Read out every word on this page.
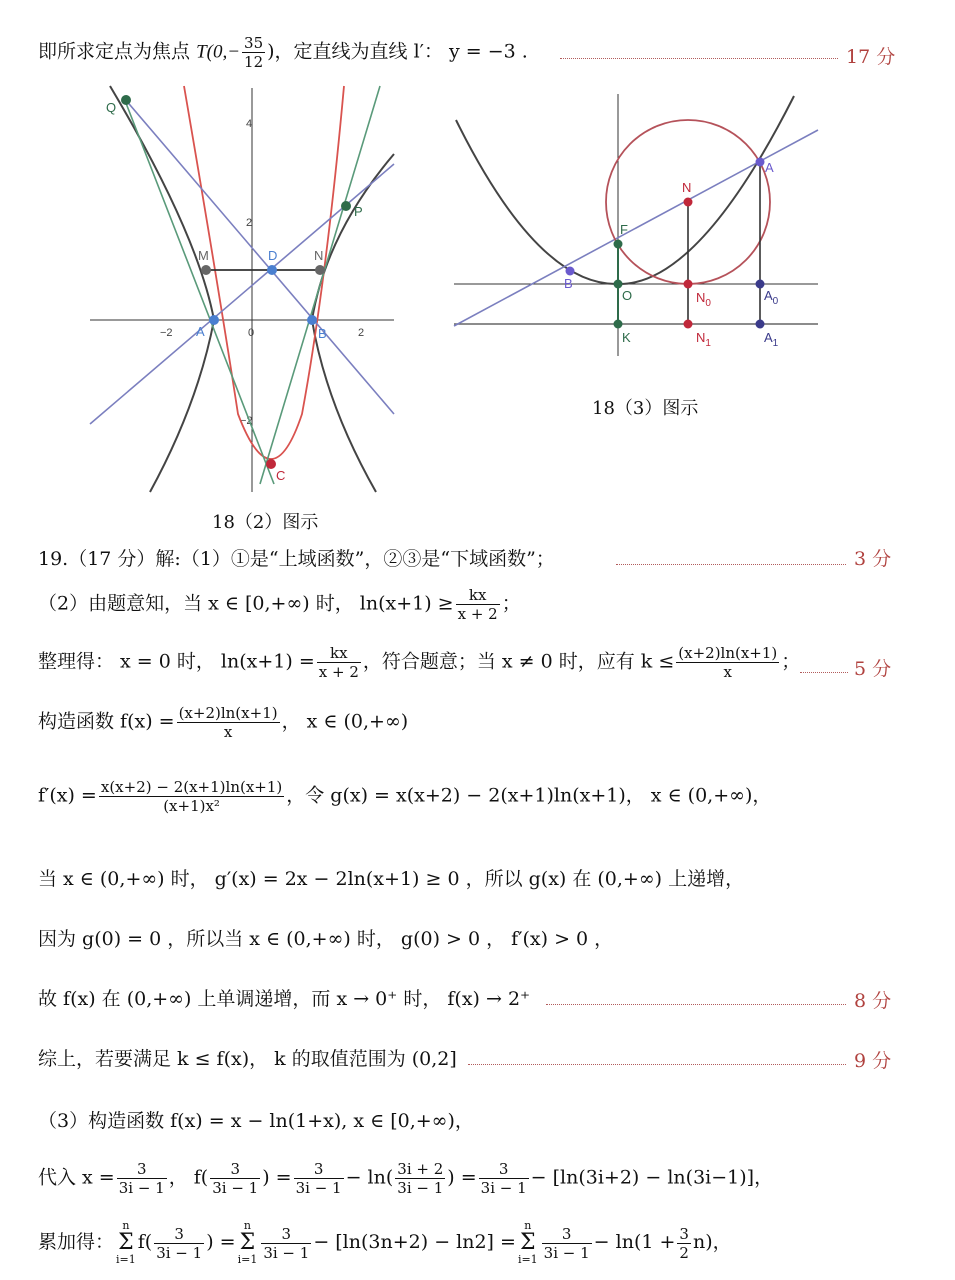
即所求定点为焦点 $T(0,- \frac{35}{12}$ )，定直线为直线 l′： y = −3 .	17 分
−2	0	2
4
2
−2
Q
M	N
D
P
A	B
C
18（2）图示
N
A
F
B
O	$N_0$
$A_0$
K	$N_1$	$A_1$
18（3）图示
19.（17 分）解:（1）①是“上域函数”，②③是“下域函数”；	3 分
（2）由题意知，当 x ∈ [0,+∞) 时， $\ln(x+1) \ge \frac{kx}{x + 2}$ ；
整理得： x = 0 时， $\ln(x+1) = \frac{kx}{x + 2}$ ，符合题意；当 x ≠ 0 时，应有 $k \le \frac{(x+2)\ln(x+1)}{x}$ ；	5 分
构造函数 $f(x) = \frac{(x+2)\ln(x+1)}{x}$ ， x ∈ (0,+∞)
$f'(x) = \frac{x(x+2) - 2(x+1)\ln(x+1)}{\text{(x+1)x²}}$ ，令 g(x) = x(x+2) − 2(x+1)ln(x+1)， x ∈ (0,+∞)，
当 x ∈ (0,+∞) 时， g′(x) = 2x − 2ln(x+1) ≥ 0 ，所以 g(x) 在 (0,+∞) 上递增，
因为 g(0) = 0 ，所以当 x ∈ (0,+∞) 时， g(0) > 0 ， f′(x) > 0 ，
故 f(x) 在 (0,+∞) 上单调递增，而 x → 0⁺ 时， f(x) → 2⁺	8 分
综上，若要满足 k ≤ f(x)， k 的取值范围为 (0,2]	9 分
（3）构造函数 f(x) = x − ln(1+x), x ∈ [0,+∞)，
代入 $x = \frac{3}{3i - 1}$ ， $f( \frac{3}{3i - 1}$ ) = $\frac{3}{3i - 1} - \ln( \frac{3i + 2}{3i - 1}$ ) = $\frac{3}{3i - 1} - [\ln(3i+2) - \ln(3i-1)]$，
累加得：
n
Σ
i=1
$f( \frac{3}{3i - 1}$ ) =
n
Σ
$i=1 \frac{3}{3i - 1} - [\ln(3n+2) - \ln 2]$ =
n
Σ
$i=1 \frac{3}{3i - 1} - \ln(1 + \frac{3}{2} n)$，
